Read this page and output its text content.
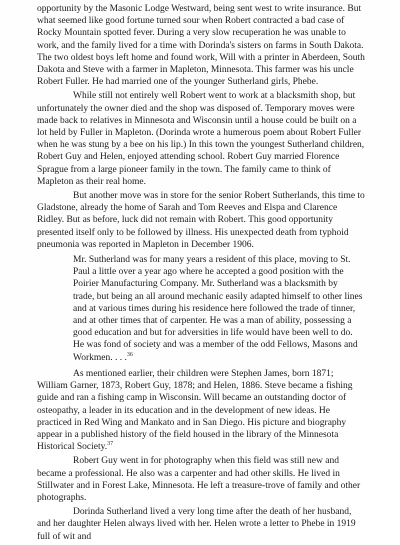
opportunity by the Masonic Lodge Westward, being sent west to write insurance. But what seemed like good fortune turned sour when Robert contracted a bad case of Rocky Mountain spotted fever. During a very slow recuperation he was unable to work, and the family lived for a time with Dorinda's sisters on farms in South Dakota. The two oldest boys left home and found work, Will with a printer in Aberdeen, South Dakota and Steve with a farmer in Mapleton, Minnesota. This farmer was his uncle Robert Fuller. He had married one of the younger Sutherland girls, Phebe.

While still not entirely well Robert went to work at a blacksmith shop, but unfortunately the owner died and the shop was disposed of. Temporary moves were made back to relatives in Minnesota and Wisconsin until a house could be built on a lot held by Fuller in Mapleton. (Dorinda wrote a humerous poem about Robert Fuller when he was stung by a bee on his lip.) In this town the youngest Sutherland children, Robert Guy and Helen, enjoyed attending school. Robert Guy married Florence Sprague from a large pioneer family in the town. The family came to think of Mapleton as their real home.

But another move was in store for the senior Robert Sutherlands, this time to Gladstone, already the home of Sarah and Tom Reeves and Elspa and Clarence Ridley. But as before, luck did not remain with Robert. This good opportunity presented itself only to be followed by illness. His unexpected death from typhoid pneumonia was reported in Mapleton in December 1906.

Mr. Sutherland was for many years a resident of this place, moving to St.
Paul a little over a year ago where he accepted a good position with the
Poirier Manufacturing Company. Mr. Sutherland was a blacksmith by
trade, but being an all around mechanic easily adapted himself to other lines
and at various times during his residence here followed the trade of tinner,
and at other times that of carpenter. He was a man of ability, possessing a
good education and but for adversities in life would have been well to do.
He was fond of society and was a member of the odd Fellows, Masons and
Workmen. . . .$^{36}$

As mentioned earlier, their children were Stephen James, born 1871; William Garner, 1873, Robert Guy, 1878; and Helen, 1886. Steve became a fishing guide and ran a fishing camp in Wisconsin. Will became an outstanding doctor of osteopathy, a leader in its education and in the development of new ideas. He practiced in Red Wing and Mankato and in San Diego. His picture and biography appear in a published history of the field housed in the library of the Minnesota Historical Society.$^{37}$

Robert Guy went in for photography when this field was still new and became a professional. He also was a carpenter and had other skills. He lived in Stillwater and in Forest Lake, Minnesota. He left a treasure-trove of family and other photographs.

Dorinda Sutherland lived a very long time after the death of her husband, and her daughter Helen always lived with her. Helen wrote a letter to Phebe in 1919 full of wit and
